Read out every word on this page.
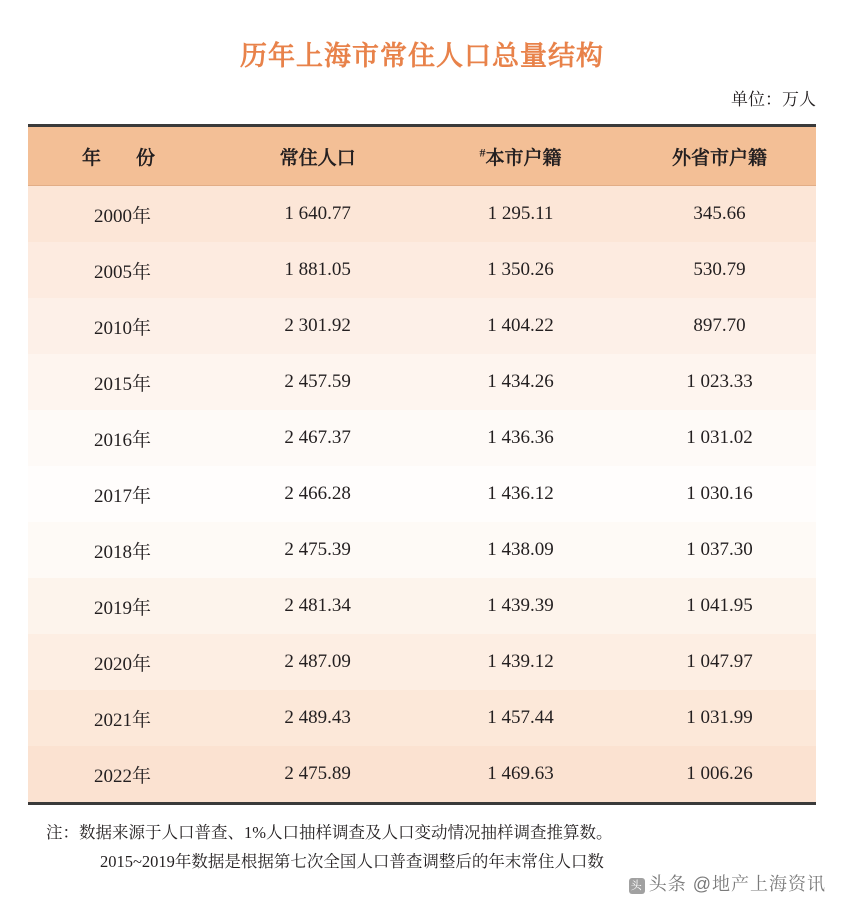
历年上海市常住人口总量结构
单位：万人
年　份	常住人口	#本市户籍	外省市户籍
2000年	1 640.77	1 295.11	345.66
2005年	1 881.05	1 350.26	530.79
2010年	2 301.92	1 404.22	897.70
2015年	2 457.59	1 434.26	1 023.33
2016年	2 467.37	1 436.36	1 031.02
2017年	2 466.28	1 436.12	1 030.16
2018年	2 475.39	1 438.09	1 037.30
2019年	2 481.34	1 439.39	1 041.95
2020年	2 487.09	1 439.12	1 047.97
2021年	2 489.43	1 457.44	1 031.99
2022年	2 475.89	1 469.63	1 006.26
注：数据来源于人口普查、1%人口抽样调查及人口变动情况抽样调查推算数。
2015~2019年数据是根据第七次全国人口普查调整后的年末常住人口数
头 头条 @地产上海资讯
